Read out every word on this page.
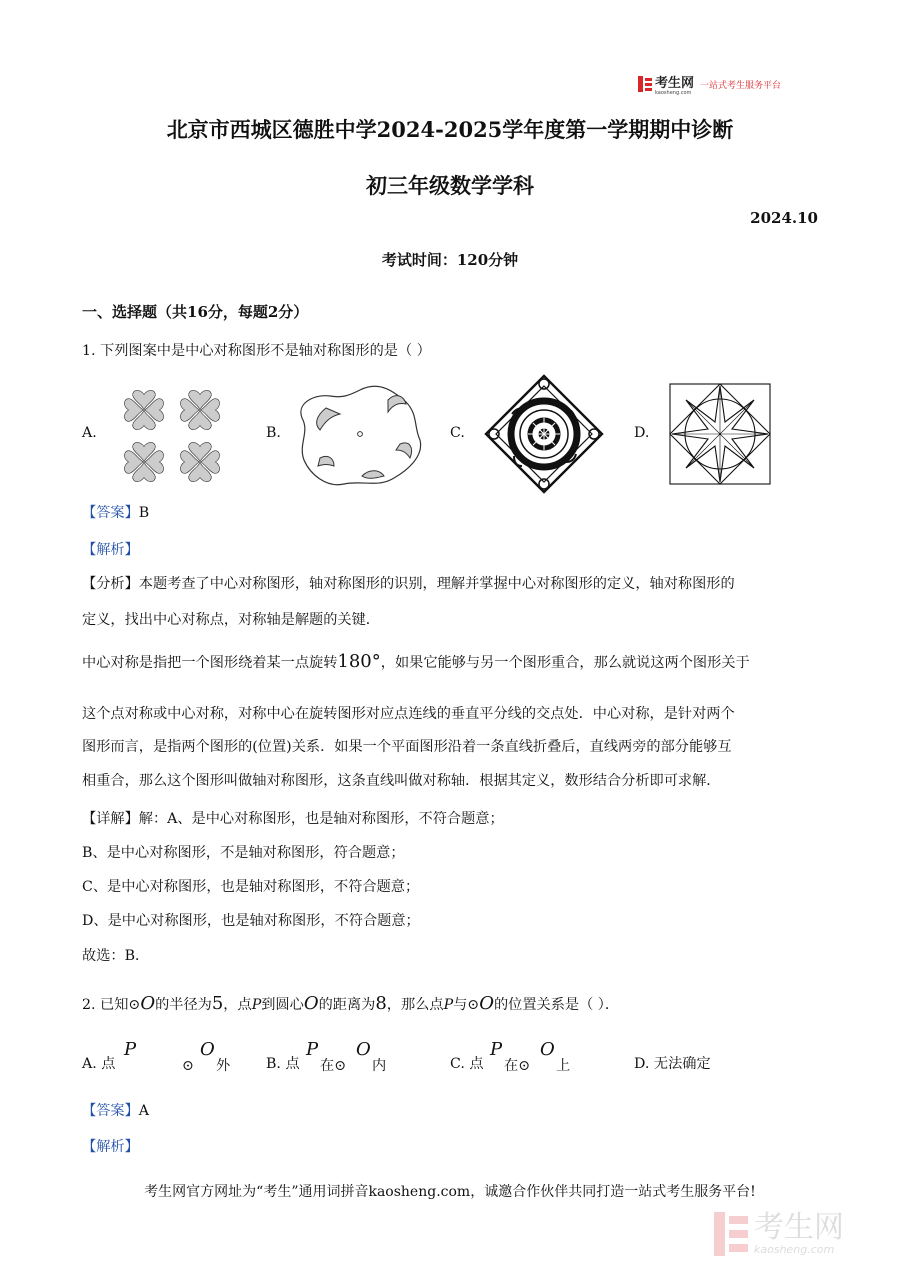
考生网
kaosheng.com
一站式考生服务平台
北京市西城区德胜中学2024-2025学年度第一学期期中诊断
初三年级数学学科
2024.10
考试时间：120分钟
一、选择题（共16分，每题2分）
1. 下列图案中是中心对称图形不是轴对称图形的是（ ）
A.	B.	C.	D.
【答案】B
【解析】
【分析】本题考查了中心对称图形，轴对称图形的识别，理解并掌握中心对称图形的定义，轴对称图形的
定义，找出中心对称点，对称轴是解题的关键．
中心对称是指把一个图形绕着某一点旋转180°，如果它能够与另一个图形重合，那么就说这两个图形关于
这个点对称或中心对称，对称中心在旋转图形对应点连线的垂直平分线的交点处．中心对称，是针对两个
图形而言，是指两个图形的(位置)关系．如果一个平面图形沿着一条直线折叠后，直线两旁的部分能够互
相重合，那么这个图形叫做轴对称图形，这条直线叫做对称轴．根据其定义，数形结合分析即可求解．
【详解】解：A、是中心对称图形，也是轴对称图形，不符合题意；
B、是中心对称图形，不是轴对称图形，符合题意；
C、是中心对称图形，也是轴对称图形，不符合题意；
D、是中心对称图形，也是轴对称图形，不符合题意；
故选：B．
2. 已知⊙O的半径为5，点P到圆心O的距离为8，那么点P与⊙O的位置关系是（ ）．
A. 点
P
⊙
O
外	B. 点
P
在⊙
O
内	C. 点
P
在⊙
O
上	D. 无法确定
【答案】A
【解析】
考生网官方网址为“考生”通用词拼音kaosheng.com，诚邀合作伙伴共同打造一站式考生服务平台!
考生网
kaosheng.com
